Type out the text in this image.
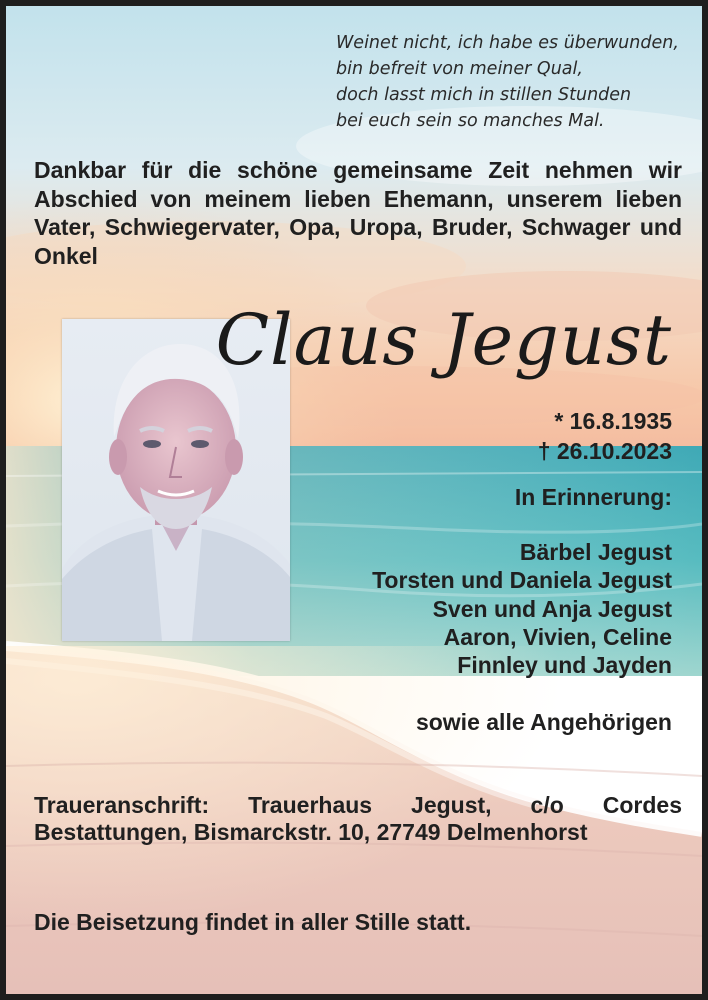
Weinet nicht, ich habe es überwunden,
bin befreit von meiner Qual,
doch lasst mich in stillen Stunden
bei euch sein so manches Mal.
Dankbar für die schöne gemeinsame Zeit nehmen wir Abschied von meinem lieben Ehemann, unserem lieben Vater, Schwiegervater, Opa, Uropa, Bruder, Schwager und Onkel
Claus Jegust
* 16.8.1935
† 26.10.2023
In Erinnerung:
Bärbel Jegust
Torsten und Daniela Jegust
Sven und Anja Jegust
Aaron, Vivien, Celine
Finnley und Jayden
sowie alle Angehörigen
Traueranschrift: Trauerhaus Jegust, c/o Cordes Bestattungen, Bismarckstr. 10, 27749 Delmenhorst
Die Beisetzung findet in aller Stille statt.
